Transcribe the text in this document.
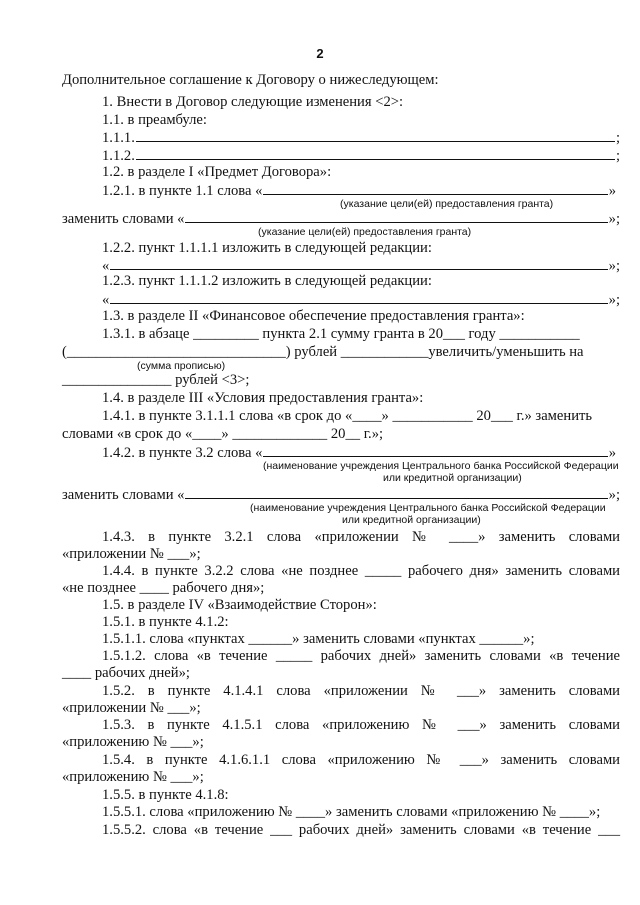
2
Дополнительное соглашение к Договору о нижеследующем:
1. Внести в Договор следующие изменения <2>:
1.1. в преамбуле:
1.1.1.	;
1.1.2.	;
1.2. в разделе I «Предмет Договора»:
1.2.1. в пункте 1.1 слова «	»
(указание цели(ей) предоставления гранта)
заменить словами «	»;
(указание цели(ей) предоставления гранта)
1.2.2. пункт 1.1.1.1 изложить в следующей редакции:
«	»;
1.2.3. пункт 1.1.1.2 изложить в следующей редакции:
«	»;
1.3. в разделе II «Финансовое обеспечение предоставления гранта»:
1.3.1. в абзаце _________ пункта 2.1 сумму гранта в 20___ году ___________
(______________________________) рублей ____________увеличить/уменьшить на
(сумма прописью)
_______________ рублей <3>;
1.4. в разделе III «Условия предоставления гранта»:
1.4.1. в пункте 3.1.1.1 слова «в срок до «____» ___________ 20___ г.» заменить
словами «в срок до «____» _____________ 20__ г.»;
1.4.2. в пункте 3.2 слова «	»
(наименование учреждения Центрального банка Российской Федерации
или кредитной организации)
заменить словами «	»;
(наименование учреждения Центрального банка Российской Федерации
или кредитной организации)
1.4.3. в пункте 3.2.1 слова «приложении № ____» заменить словами
«приложении № ___»;
1.4.4. в пункте 3.2.2 слова «не позднее _____ рабочего дня» заменить словами
«не позднее ____ рабочего дня»;
1.5. в разделе IV «Взаимодействие Сторон»:
1.5.1. в пункте 4.1.2:
1.5.1.1. слова «пунктах ______» заменить словами «пунктах ______»;
1.5.1.2. слова «в течение _____ рабочих дней» заменить словами «в течение
____ рабочих дней»;
1.5.2. в пункте 4.1.4.1 слова «приложении № ___» заменить словами
«приложении № ___»;
1.5.3. в пункте 4.1.5.1 слова «приложению № ___» заменить словами
«приложению № ___»;
1.5.4. в пункте 4.1.6.1.1 слова «приложению № ___» заменить словами
«приложению № ___»;
1.5.5. в пункте 4.1.8:
1.5.5.1. слова «приложению № ____» заменить словами «приложению № ____»;
1.5.5.2. слова «в течение ___ рабочих дней» заменить словами «в течение ___
